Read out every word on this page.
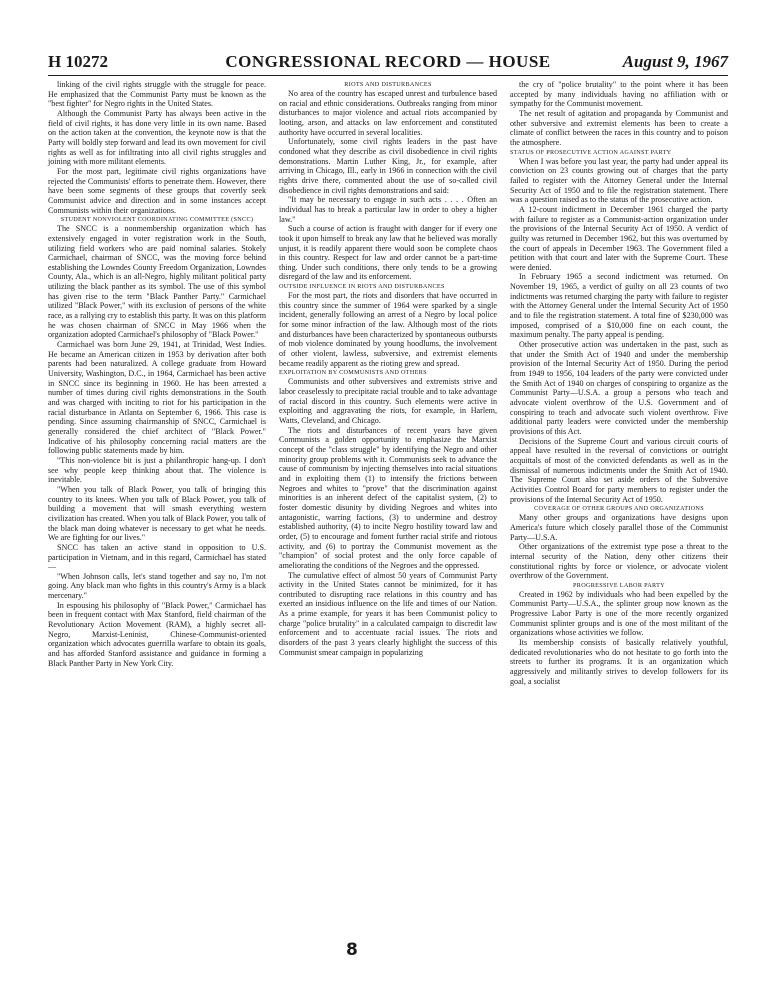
CONGRESSIONAL RECORD — HOUSE
H 10272	August 9, 1967

linking of the civil rights struggle with the struggle for peace. He emphasized that the Communist Party must be known as the "best fighter" for Negro rights in the United States.

Although the Communist Party has always been active in the field of civil rights, it has done very little in its own name. Based on the action taken at the convention, the keynote now is that the Party will boldly step forward and lead its own movement for civil rights as well as for infiltrating into all civil rights struggles and joining with more militant elements.

For the most part, legitimate civil rights organizations have rejected the Communists' efforts to penetrate them. However, there have been some segments of these groups that covertly seek Communist advice and direction and in some instances accept Communists within their organizations.

STUDENT NONVIOLENT COORDINATING COMMITTEE (SNCC)

The SNCC is a nonmembership organization which has extensively engaged in voter registration work in the South, utilizing field workers who are paid nominal salaries. Stokely Carmichael, chairman of SNCC, was the moving force behind establishing the Lowndes County Freedom Organization, Lowndes County, Ala., which is an all-Negro, highly militant political party utilizing the black panther as its symbol. The use of this symbol has given rise to the term "Black Panther Party." Carmichael utilized "Black Power," with its exclusion of persons of the white race, as a rallying cry to establish this party. It was on this platform he was chosen chairman of SNCC in May 1966 when the organization adopted Carmichael's philosophy of "Black Power."

Carmichael was born June 29, 1941, at Trinidad, West Indies. He became an American citizen in 1953 by derivation after both parents had been naturalized. A college graduate from Howard University, Washington, D.C., in 1964, Carmichael has been active in SNCC since its beginning in 1960. He has been arrested a number of times during civil rights demonstrations in the South and was charged with inciting to riot for his participation in the racial disturbance in Atlanta on September 6, 1966. This case is pending. Since assuming chairmanship of SNCC, Carmichael is generally considered the chief architect of "Black Power." Indicative of his philosophy concerning racial matters are the following public statements made by him.

"This non-violence bit is just a philanthropic hang-up. I don't see why people keep thinking about that. The violence is inevitable.

"When you talk of Black Power, you talk of bringing this country to its knees. When you talk of Black Power, you talk of building a movement that will smash everything western civilization has created. When you talk of Black Power, you talk of the black man doing whatever is necessary to get what he needs. We are fighting for our lives."

SNCC has taken an active stand in opposition to U.S. participation in Vietnam, and in this regard, Carmichael has stated—

"When Johnson calls, let's stand together and say no, I'm not going. Any black man who fights in this country's Army is a black mercenary."

In espousing his philosophy of "Black Power," Carmichael has been in frequent contact with Max Stanford, field chairman of the Revolutionary Action Movement (RAM), a highly secret all-Negro, Marxist-Leninist, Chinese-Communist-oriented organization which advocates guerrilla warfare to obtain its goals, and has afforded Stanford assistance and guidance in forming a Black Panther Party in New York City.

RIOTS AND DISTURBANCES

No area of the country has escaped unrest and turbulence based on racial and ethnic considerations. Outbreaks ranging from minor disturbances to major violence and actual riots accompanied by looting, arson, and attacks on law enforcement and constituted authority have occurred in several localities.

Unfortunately, some civil rights leaders in the past have condoned what they describe as civil disobedience in civil rights demonstrations. Martin Luther King, Jr., for example, after arriving in Chicago, Ill., early in 1966 in connection with the civil rights drive there, commented about the use of so-called civil disobedience in civil rights demonstrations and said:

"It may be necessary to engage in such acts . . . . Often an individual has to break a particular law in order to obey a higher law."

Such a course of action is fraught with danger for if every one took it upon himself to break any law that he believed was morally unjust, it is readily apparent there would soon be complete chaos in this country. Respect for law and order cannot be a part-time thing. Under such conditions, there only tends to be a growing disregard of the law and its enforcement.

OUTSIDE INFLUENCE IN RIOTS AND DISTURBANCES

For the most part, the riots and disorders that have occurred in this country since the summer of 1964 were sparked by a single incident, generally following an arrest of a Negro by local police for some minor infraction of the law. Although most of the riots and disturbances have been characterized by spontaneous outbursts of mob violence dominated by young hoodlums, the involvement of other violent, lawless, subversive, and extremist elements became readily apparent as the rioting grew and spread.

EXPLOITATION BY COMMUNISTS AND OTHERS

Communists and other subversives and extremists strive and labor ceaselessly to precipitate racial trouble and to take advantage of racial discord in this country. Such elements were active in exploiting and aggravating the riots, for example, in Harlem, Watts, Cleveland, and Chicago.

The riots and disturbances of recent years have given Communists a golden opportunity to emphasize the Marxist concept of the "class struggle" by identifying the Negro and other minority group problems with it. Communists seek to advance the cause of communism by injecting themselves into racial situations and in exploiting them (1) to intensify the frictions between Negroes and whites to "prove" that the discrimination against minorities is an inherent defect of the capitalist system, (2) to foster domestic disunity by dividing Negroes and whites into antagonistic, warring factions, (3) to undermine and destroy established authority, (4) to incite Negro hostility toward law and order, (5) to encourage and foment further racial strife and riotous activity, and (6) to portray the Communist movement as the "champion" of social protest and the only force capable of ameliorating the conditions of the Negroes and the oppressed.

The cumulative effect of almost 50 years of Communist Party activity in the United States cannot be minimized, for it has contributed to disrupting race relations in this country and has exerted an insidious influence on the life and times of our Nation. As a prime example, for years it has been Communist policy to charge "police brutality" in a calculated campaign to discredit law enforcement and to accentuate racial issues. The riots and disorders of the past 3 years clearly highlight the success of this Communist smear campaign in popularizing

the cry of "police brutality" to the point where it has been accepted by many individuals having no affiliation with or sympathy for the Communist movement.

The net result of agitation and propaganda by Communist and other subversive and extremist elements has been to create a climate of conflict between the races in this country and to poison the atmosphere.

STATUS OF PROSECUTIVE ACTION AGAINST PARTY

When I was before you last year, the party had under appeal its conviction on 23 counts growing out of charges that the party failed to register with the Attorney General under the Internal Security Act of 1950 and to file the registration statement. There was a question raised as to the status of the prosecutive action.

A 12-count indictment in December 1961 charged the party with failure to register as a Communist-action organization under the provisions of the Internal Security Act of 1950. A verdict of guilty was returned in December 1962, but this was overturned by the court of appeals in December 1963. The Government filed a petition with that court and later with the Supreme Court. These were denied.

In February 1965 a second indictment was returned. On November 19, 1965, a verdict of guilty on all 23 counts of two indictments was returned charging the party with failure to register with the Attorney General under the Internal Security Act of 1950 and to file the registration statement. A total fine of $230,000 was imposed, comprised of a $10,000 fine on each count, the maximum penalty. The party appeal is pending.

Other prosecutive action was undertaken in the past, such as that under the Smith Act of 1940 and under the membership provision of the Internal Security Act of 1950. During the period from 1949 to 1956, 104 leaders of the party were convicted under the Smith Act of 1940 on charges of conspiring to organize as the Communist Party—U.S.A. a group a persons who teach and advocate violent overthrow of the U.S. Government and of conspiring to teach and advocate such violent overthrow. Five additional party leaders were convicted under the membership provisions of this Act.

Decisions of the Supreme Court and various circuit courts of appeal have resulted in the reversal of convictions or outright acquittals of most of the convicted defendants as well as in the dismissal of numerous indictments under the Smith Act of 1940. The Supreme Court also set aside orders of the Subversive Activities Control Board for party members to register under the provisions of the Internal Security Act of 1950.

COVERAGE OF OTHER GROUPS AND ORGANIZATIONS

Many other groups and organizations have designs upon America's future which closely parallel those of the Communist Party—U.S.A.

Other organizations of the extremist type pose a threat to the internal security of the Nation, deny other citizens their constitutional rights by force or violence, or advocate violent overthrow of the Government.

PROGRESSIVE LABOR PARTY

Created in 1962 by individuals who had been expelled by the Communist Party—U.S.A., the splinter group now known as the Progressive Labor Party is one of the more recently organized Communist splinter groups and is one of the most militant of the organizations whose activities we follow.

Its membership consists of basically relatively youthful, dedicated revolutionaries who do not hesitate to go forth into the streets to further its programs. It is an organization which aggressively and militantly strives to develop followers for its goal, a socialist

8
